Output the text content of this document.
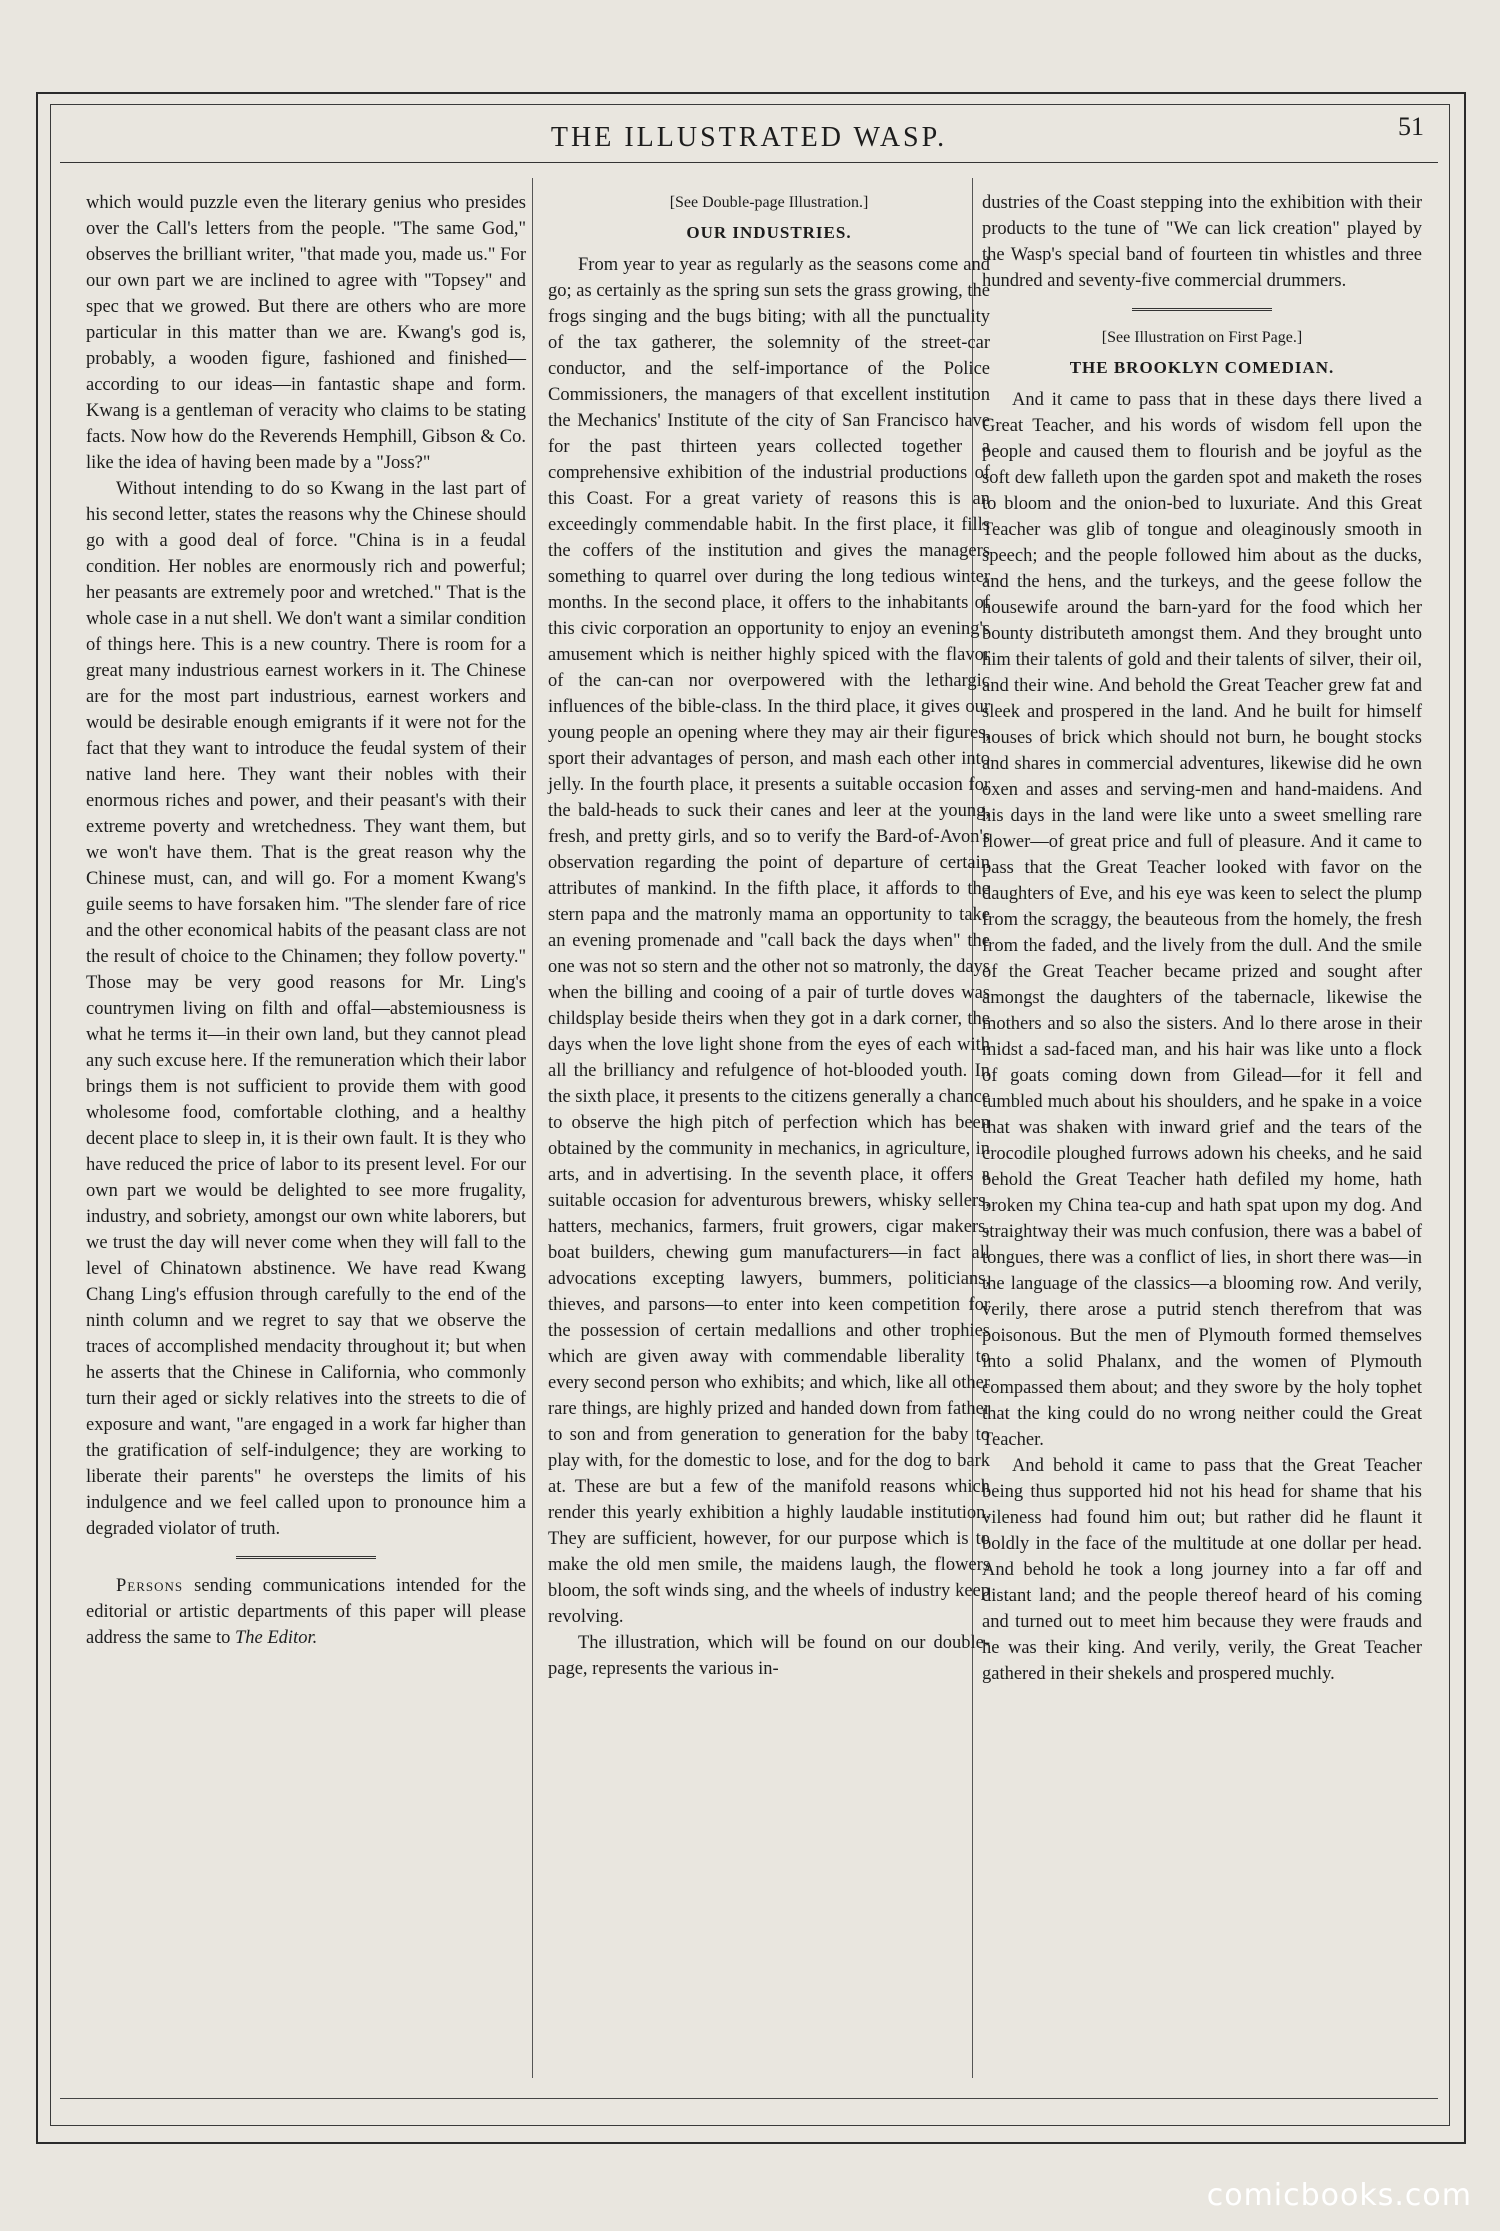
THE ILLUSTRATED WASP.	51

which would puzzle even the literary genius who presides over the Call's letters from the people. "The same God," observes the brilliant writer, "that made you, made us." For our own part we are inclined to agree with "Topsey" and spec that we growed. But there are others who are more particular in this matter than we are. Kwang's god is, probably, a wooden figure, fashioned and finished—according to our ideas—in fantastic shape and form. Kwang is a gentleman of veracity who claims to be stating facts. Now how do the Reverends Hemphill, Gibson & Co. like the idea of having been made by a "Joss?"

Without intending to do so Kwang in the last part of his second letter, states the reasons why the Chinese should go with a good deal of force. "China is in a feudal condition. Her nobles are enormously rich and powerful; her peasants are extremely poor and wretched." That is the whole case in a nut shell. We don't want a similar condition of things here. This is a new country. There is room for a great many industrious earnest workers in it. The Chinese are for the most part industrious, earnest workers and would be desirable enough emigrants if it were not for the fact that they want to introduce the feudal system of their native land here. They want their nobles with their enormous riches and power, and their peasant's with their extreme poverty and wretchedness. They want them, but we won't have them. That is the great reason why the Chinese must, can, and will go. For a moment Kwang's guile seems to have forsaken him. "The slender fare of rice and the other economical habits of the peasant class are not the result of choice to the Chinamen; they follow poverty." Those may be very good reasons for Mr. Ling's countrymen living on filth and offal—abstemiousness is what he terms it—in their own land, but they cannot plead any such excuse here. If the remuneration which their labor brings them is not sufficient to provide them with good wholesome food, comfortable clothing, and a healthy decent place to sleep in, it is their own fault. It is they who have reduced the price of labor to its present level. For our own part we would be delighted to see more frugality, industry, and sobriety, amongst our own white laborers, but we trust the day will never come when they will fall to the level of Chinatown abstinence. We have read Kwang Chang Ling's effusion through carefully to the end of the ninth column and we regret to say that we observe the traces of accomplished mendacity throughout it; but when he asserts that the Chinese in California, who commonly turn their aged or sickly relatives into the streets to die of exposure and want, "are engaged in a work far higher than the gratification of self-indulgence; they are working to liberate their parents" he oversteps the limits of his indulgence and we feel called upon to pronounce him a degraded violator of truth.

Persons sending communications intended for the editorial or artistic departments of this paper will please address the same to The Editor.

[See Double-page Illustration.]
OUR INDUSTRIES.

From year to year as regularly as the seasons come and go; as certainly as the spring sun sets the grass growing, the frogs singing and the bugs biting; with all the punctuality of the tax gatherer, the solemnity of the street-car conductor, and the self-importance of the Police Commissioners, the managers of that excellent institution the Mechanics' Institute of the city of San Francisco have for the past thirteen years collected together a comprehensive exhibition of the industrial productions of this Coast. For a great variety of reasons this is an exceedingly commendable habit. In the first place, it fills the coffers of the institution and gives the managers something to quarrel over during the long tedious winter months. In the second place, it offers to the inhabitants of this civic corporation an opportunity to enjoy an evening's amusement which is neither highly spiced with the flavor of the can-can nor overpowered with the lethargic influences of the bible-class. In the third place, it gives our young people an opening where they may air their figures, sport their advantages of person, and mash each other into jelly. In the fourth place, it presents a suitable occasion for the bald-heads to suck their canes and leer at the young, fresh, and pretty girls, and so to verify the Bard-of-Avon's observation regarding the point of departure of certain attributes of mankind. In the fifth place, it affords to the stern papa and the matronly mama an opportunity to take an evening promenade and "call back the days when" the one was not so stern and the other not so matronly, the days when the billing and cooing of a pair of turtle doves was childsplay beside theirs when they got in a dark corner, the days when the love light shone from the eyes of each with all the brilliancy and refulgence of hot-blooded youth. In the sixth place, it presents to the citizens generally a chance to observe the high pitch of perfection which has been obtained by the community in mechanics, in agriculture, in arts, and in advertising. In the seventh place, it offers a suitable occasion for adventurous brewers, whisky sellers, hatters, mechanics, farmers, fruit growers, cigar makers, boat builders, chewing gum manufacturers—in fact all advocations excepting lawyers, bummers, politicians, thieves, and parsons—to enter into keen competition for the possession of certain medallions and other trophies which are given away with commendable liberality to every second person who exhibits; and which, like all other rare things, are highly prized and handed down from father to son and from generation to generation for the baby to play with, for the domestic to lose, and for the dog to bark at. These are but a few of the manifold reasons which render this yearly exhibition a highly laudable institution. They are sufficient, however, for our purpose which is to make the old men smile, the maidens laugh, the flowers bloom, the soft winds sing, and the wheels of industry keep revolving.

The illustration, which will be found on our double-page, represents the various in-

dustries of the Coast stepping into the exhibition with their products to the tune of "We can lick creation" played by the Wasp's special band of fourteen tin whistles and three hundred and seventy-five commercial drummers.

[See Illustration on First Page.]
THE BROOKLYN COMEDIAN.

And it came to pass that in these days there lived a Great Teacher, and his words of wisdom fell upon the people and caused them to flourish and be joyful as the soft dew falleth upon the garden spot and maketh the roses to bloom and the onion-bed to luxuriate. And this Great Teacher was glib of tongue and oleaginously smooth in speech; and the people followed him about as the ducks, and the hens, and the turkeys, and the geese follow the housewife around the barn-yard for the food which her bounty distributeth amongst them. And they brought unto him their talents of gold and their talents of silver, their oil, and their wine. And behold the Great Teacher grew fat and sleek and prospered in the land. And he built for himself houses of brick which should not burn, he bought stocks and shares in commercial adventures, likewise did he own oxen and asses and serving-men and hand-maidens. And his days in the land were like unto a sweet smelling rare flower—of great price and full of pleasure. And it came to pass that the Great Teacher looked with favor on the daughters of Eve, and his eye was keen to select the plump from the scraggy, the beauteous from the homely, the fresh from the faded, and the lively from the dull. And the smile of the Great Teacher became prized and sought after amongst the daughters of the tabernacle, likewise the mothers and so also the sisters. And lo there arose in their midst a sad-faced man, and his hair was like unto a flock of goats coming down from Gilead—for it fell and tumbled much about his shoulders, and he spake in a voice that was shaken with inward grief and the tears of the crocodile ploughed furrows adown his cheeks, and he said behold the Great Teacher hath defiled my home, hath broken my China tea-cup and hath spat upon my dog. And straightway their was much confusion, there was a babel of tongues, there was a conflict of lies, in short there was—in the language of the classics—a blooming row. And verily, verily, there arose a putrid stench therefrom that was poisonous. But the men of Plymouth formed themselves into a solid Phalanx, and the women of Plymouth compassed them about; and they swore by the holy tophet that the king could do no wrong neither could the Great Teacher.

And behold it came to pass that the Great Teacher being thus supported hid not his head for shame that his vileness had found him out; but rather did he flaunt it boldly in the face of the multitude at one dollar per head. And behold he took a long journey into a far off and distant land; and the people thereof heard of his coming and turned out to meet him because they were frauds and he was their king. And verily, verily, the Great Teacher gathered in their shekels and prospered muchly.

comicbooks.com
